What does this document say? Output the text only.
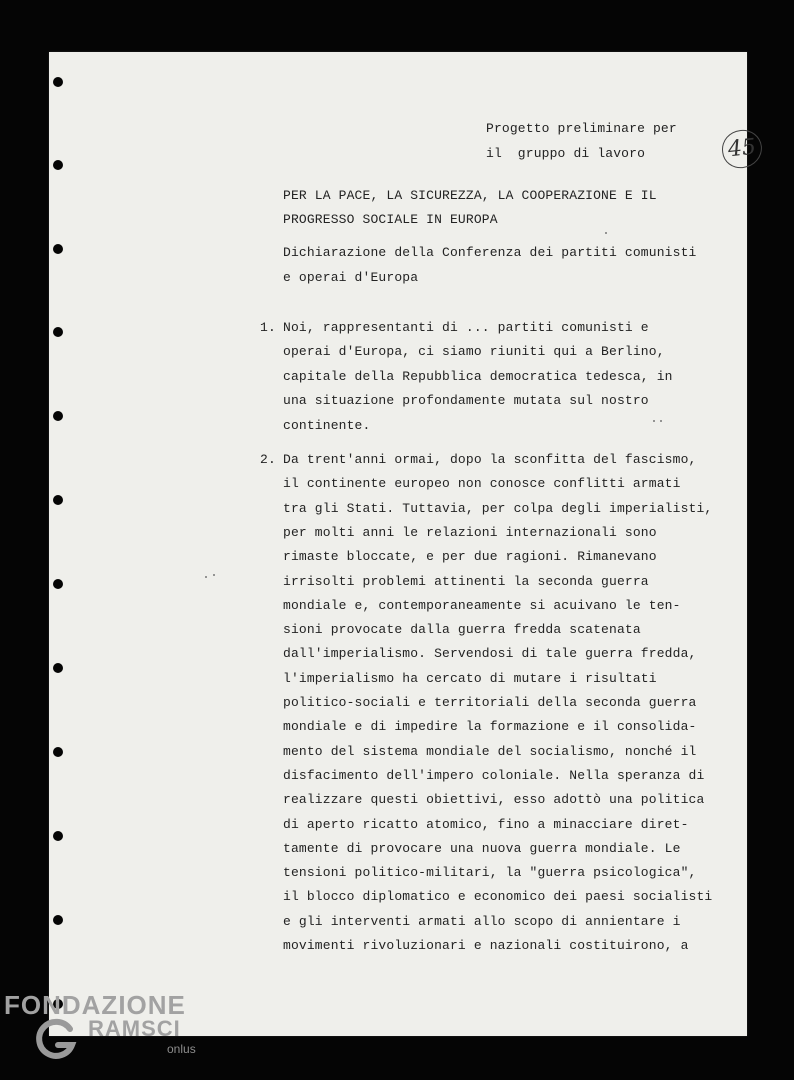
45

Progetto preliminare per

il  gruppo di lavoro

PER LA PACE, LA SICUREZZA, LA COOPERAZIONE E IL

PROGRESSO SOCIALE IN EUROPA

Dichiarazione della Conferenza dei partiti comunisti

e operai d'Europa

1. Noi, rappresentanti di ... partiti comunisti e
operai d'Europa, ci siamo riuniti qui a Berlino,
capitale della Repubblica democratica tedesca, in
una situazione profondamente mutata sul nostro
continente.
2. Da trent'anni ormai, dopo la sconfitta del fascismo,
il continente europeo non conosce conflitti armati
tra gli Stati. Tuttavia, per colpa degli imperialisti,
per molti anni le relazioni internazionali sono
rimaste bloccate, e per due ragioni. Rimanevano
irrisolti problemi attinenti la seconda guerra
mondiale e, contemporaneamente si acuivano le ten-
sioni provocate dalla guerra fredda scatenata
dall'imperialismo. Servendosi di tale guerra fredda,
l'imperialismo ha cercato di mutare i risultati
politico-sociali e territoriali della seconda guerra
mondiale e di impedire la formazione e il consolida-
mento del sistema mondiale del socialismo, nonché il
disfacimento dell'impero coloniale. Nella speranza di
realizzare questi obiettivi, esso adottò una politica
di aperto ricatto atomico, fino a minacciare diret-
tamente di provocare una nuova guerra mondiale. Le
tensioni politico-militari, la "guerra psicologica",
il blocco diplomatico e economico dei paesi socialisti
e gli interventi armati allo scopo di annientare i
movimenti rivoluzionari e nazionali costituirono, a
FONDAZIONE
RAMSCI
onlus
